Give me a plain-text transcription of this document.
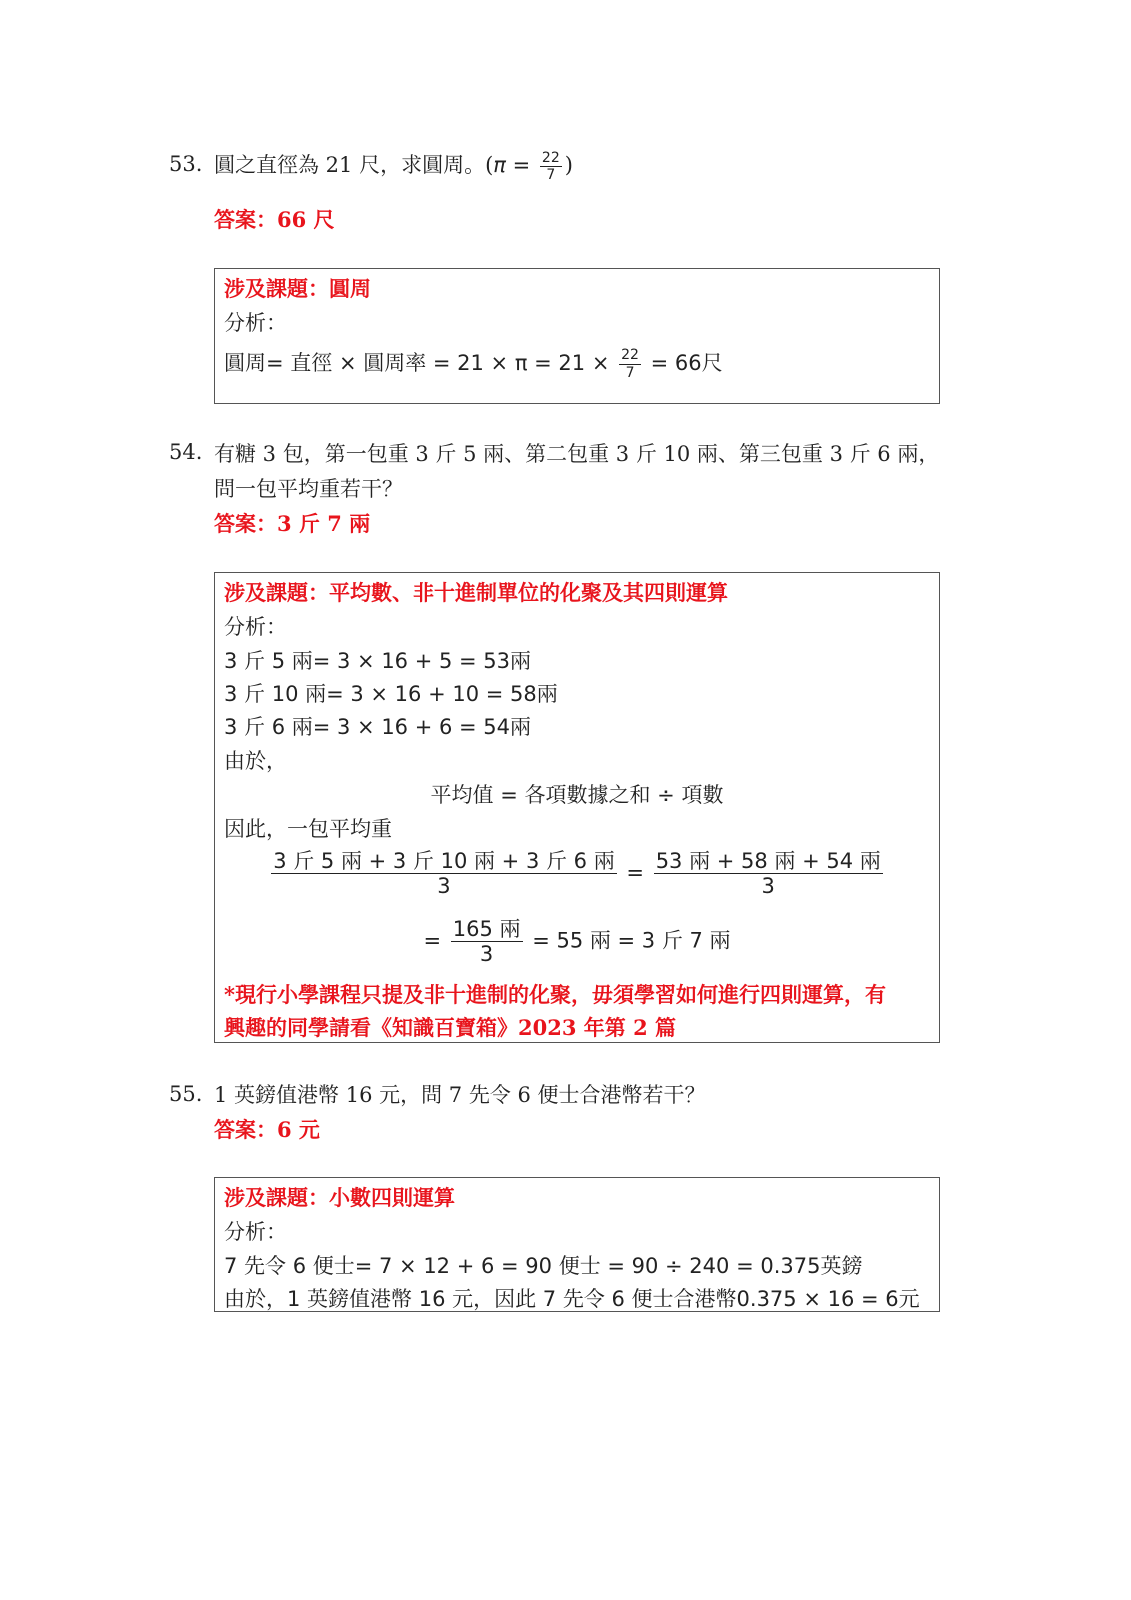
53. 圓之直徑為 21 尺，求圓周。($\pi = \frac{22}{7}$ )
答案：66 尺
涉及課題：圓周
分析：
圓周= 直徑 × 圓周率 = $21 \times \pi = 21 \times \frac{22}{7} = 66$尺
54. 有糖 3 包，第一包重 3 斤 5 兩、第二包重 3 斤 10 兩、第三包重 3 斤 6 兩，
問一包平均重若干？
答案：3 斤 7 兩
涉及課題：平均數、非十進制單位的化聚及其四則運算
分析：
3 斤 5 兩= 3 × 16 + 5 = 53兩
3 斤 10 兩= 3 × 16 + 10 = 58兩
3 斤 6 兩= 3 × 16 + 6 = 54兩
由於，
平均值 = 各項數據之和 ÷ 項數
因此，一包平均重
$\frac{\text{3 斤 5 兩 + 3 斤 10 兩 + 3 斤 6 兩}}{3} = \frac{\text{53 兩 + 58 兩 + 54 兩}}{3}$
= $\frac{\text{165 兩}}{3} = 55$ 兩 = 3 斤 7 兩
*現行小學課程只提及非十進制的化聚，毋須學習如何進行四則運算，有
興趣的同學請看《知識百寶箱》2023 年第 2 篇
55. 1 英鎊值港幣 16 元，問 7 先令 6 便士合港幣若干？
答案：6 元
涉及課題：小數四則運算
分析：
7 先令 6 便士= 7 × 12 + 6 = 90 便士 = 90 ÷ 240 = 0.375英鎊
由於，1 英鎊值港幣 16 元，因此 7 先令 6 便士合港幣0.375 × 16 = 6元
